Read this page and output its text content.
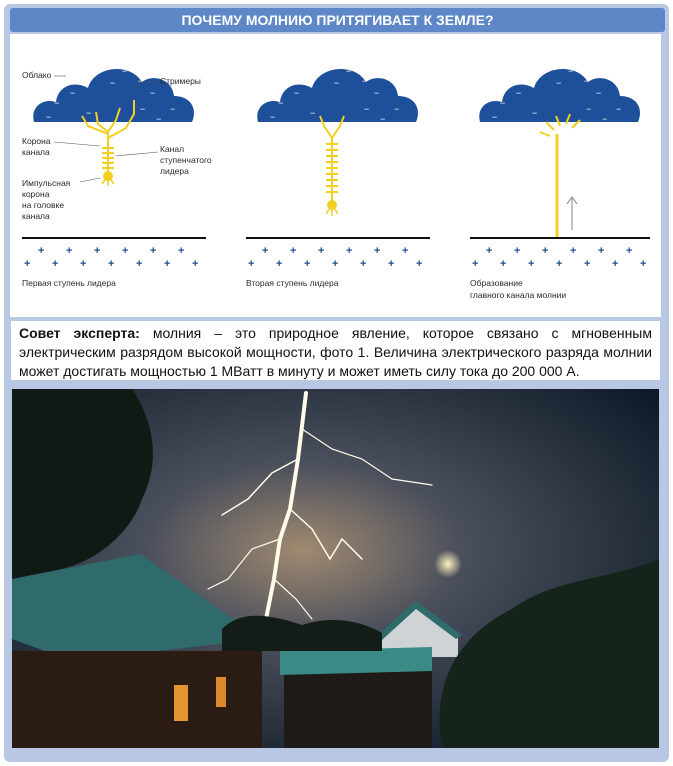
ПОЧЕМУ МОЛНИЮ ПРИТЯГИВАЕТ К ЗЕМЛЕ?
−
−
−
−
−
−
−
−
−
−
−
−
Облако
Стримеры
Корона
канала	Канал
ступенчатого
лидера
Импульсная
корона
на головке
канала
+ + + + + +
+ + + + + + +
Первая ступень лидера
−
−
−
−
−
−
−
−
−
−
−
−
+ + + + + +
+ + + + + + +
Вторая ступень лидера
−
−
−
−
−
−
−
−
−
−
−
−
+ + + + + +
+ + + + + + +
Образование
главного канала молнии

Совет эксперта: молния – это природное явление, которое связано с мгновенным электрическим разрядом высокой мощности, фото 1. Величина электрического разряда молнии может достигать мощностью 1 МВатт в минуту и может иметь силу тока до 200 000 А.
